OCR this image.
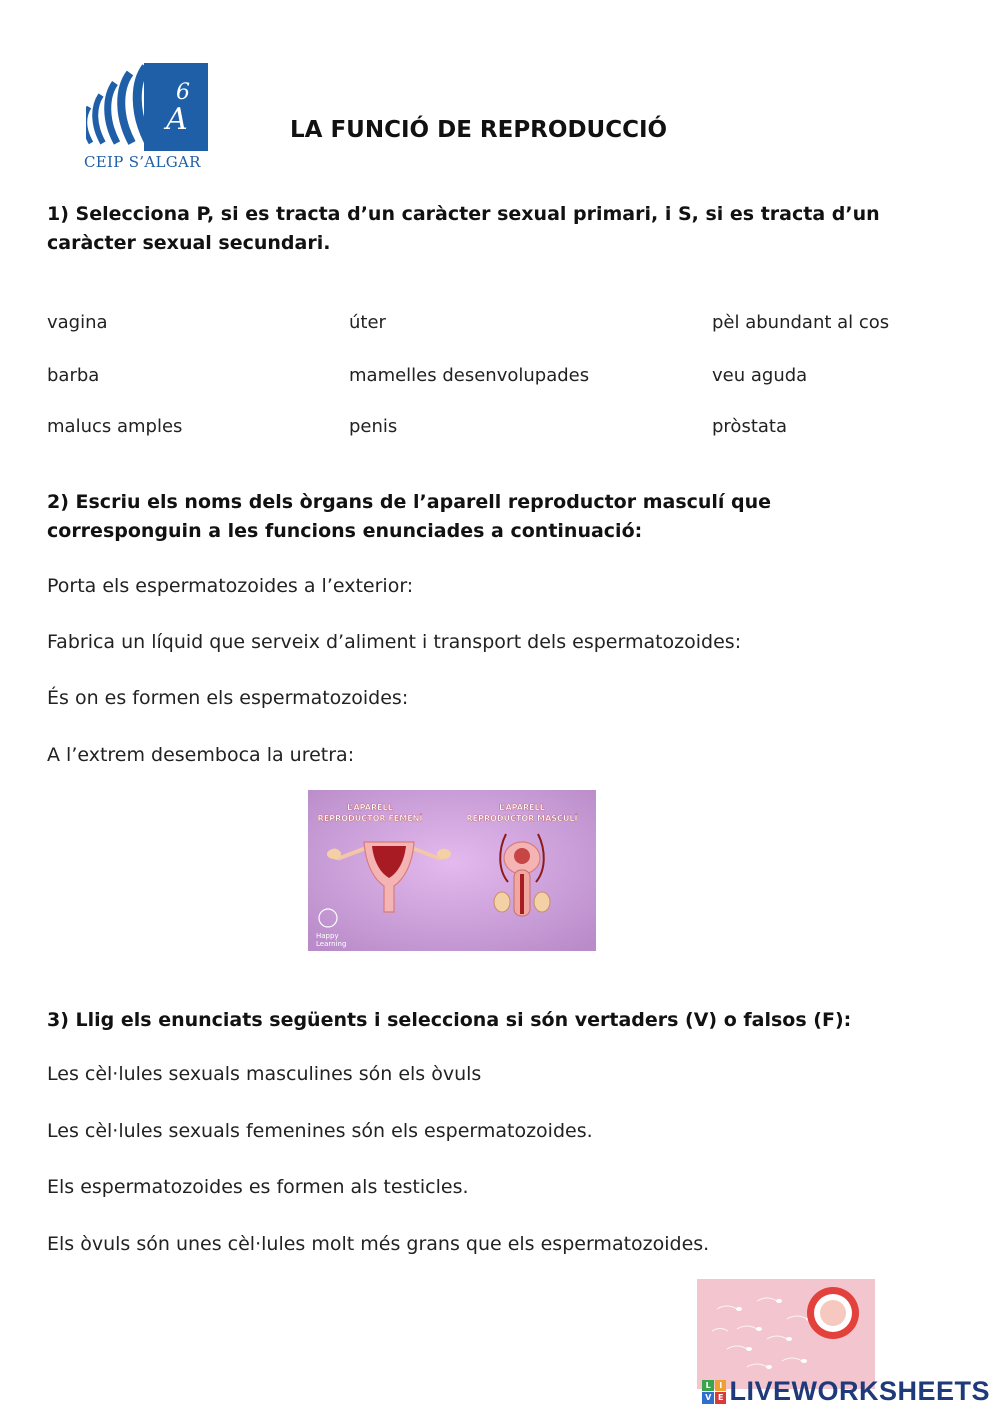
6
A
CEIP S’ALGAR
LA FUNCIÓ DE REPRODUCCIÓ
1) Selecciona P, si es tracta d’un caràcter sexual primari, i S, si es tracta d’un
caràcter sexual secundari.
vagina	úter	pèl abundant al cos
barba	mamelles desenvolupades	veu aguda
malucs amples	penis	pròstata
2) Escriu els noms dels òrgans de l’aparell reproductor masculí que
corresponguin a les funcions enunciades a continuació:
Porta els espermatozoides a l’exterior:
Fabrica un líquid que serveix d’aliment i transport dels espermatozoides:
És on es formen els espermatozoides:
A l’extrem desemboca la uretra:
L’APARELL
REPRODUCTOR FEMENÍ
L’APARELL
REPRODUCTOR MASCULÍ
Happy
Learning
3) Llig els enunciats següents i selecciona si són vertaders (V) o falsos (F):
Les cèl·lules sexuals masculines són els òvuls
Les cèl·lules sexuals femenines són els espermatozoides.
Els espermatozoides es formen als testicles.
Els òvuls són unes cèl·lules molt més grans que els espermatozoides.
L	I
V E LIVEWORKSHEETS
